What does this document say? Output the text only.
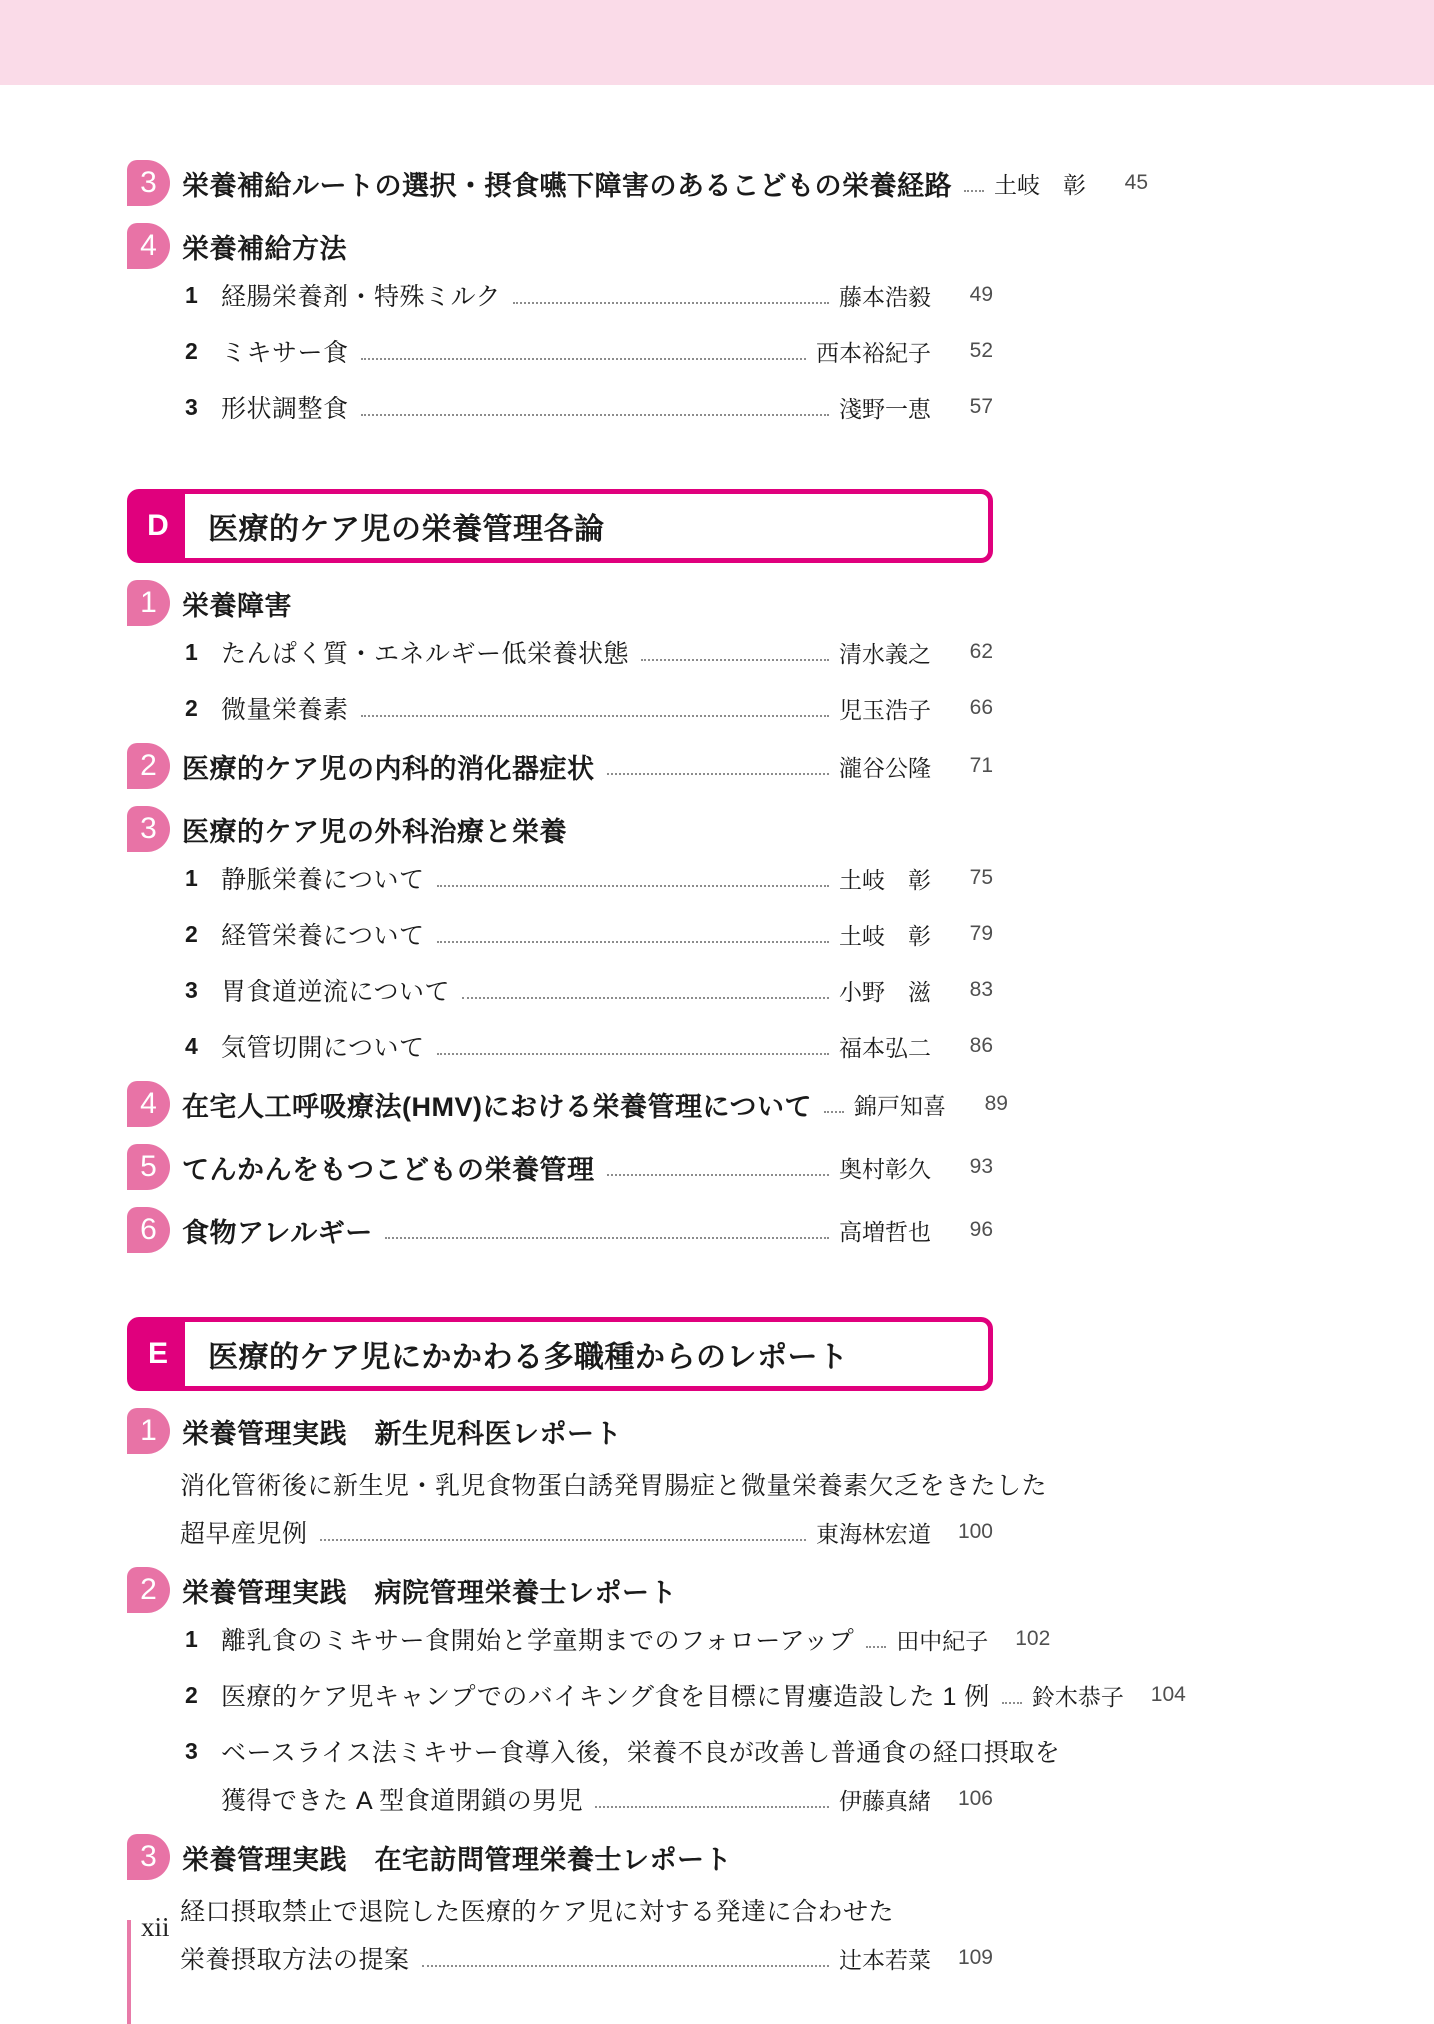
3 栄養補給ルートの選択・摂食嚥下障害のあるこどもの栄養経路 土岐　彰	45
4 栄養補給方法
1 経腸栄養剤・特殊ミルク	藤本浩毅	49
2 ミキサー食	西本裕紀子	52
3 形状調整食	淺野一恵	57
D	医療的ケア児の栄養管理各論
1 栄養障害
1 たんぱく質・エネルギー低栄養状態	清水義之	62
2 微量栄養素	児玉浩子	66
2 医療的ケア児の内科的消化器症状	瀧谷公隆	71
3 医療的ケア児の外科治療と栄養
1 静脈栄養について	土岐　彰	75
2 経管栄養について	土岐　彰	79
3 胃食道逆流について	小野　滋	83
4 気管切開について	福本弘二	86
4 在宅人工呼吸療法(HMV)における栄養管理について 錦戸知喜	89
5 てんかんをもつこどもの栄養管理	奥村彰久	93
6 食物アレルギー	高増哲也	96
E	医療的ケア児にかかわる多職種からのレポート
1 栄養管理実践　新生児科医レポート
消化管術後に新生児・乳児食物蛋白誘発胃腸症と微量栄養素欠乏をきたした
超早産児例	東海林宏道	100
2 栄養管理実践　病院管理栄養士レポート
1 離乳食のミキサー食開始と学童期までのフォローアップ 田中紀子	102
2 医療的ケア児キャンプでのバイキング食を目標に胃瘻造設した 1 例 鈴木恭子	104
3 ベースライス法ミキサー食導入後，栄養不良が改善し普通食の経口摂取を
獲得できた A 型食道閉鎖の男児	伊藤真緒	106
3 栄養管理実践　在宅訪問管理栄養士レポート
経口摂取禁止で退院した医療的ケア児に対する発達に合わせた
栄養摂取方法の提案	辻本若菜	109
xii
